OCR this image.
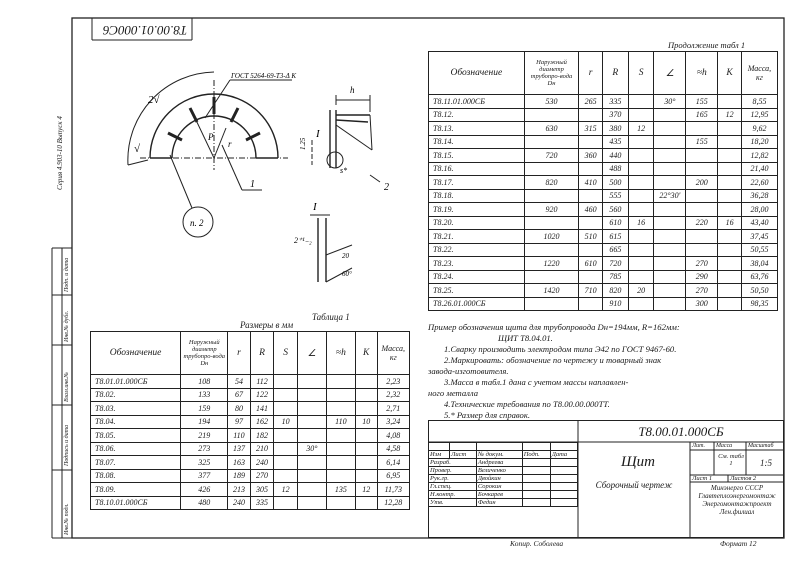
T8.00.01.000C6
Серия 4.903-10 Выпуск 4
Инв.№ подл.
Подпись и дата
Взам.инв.№
Инв.№ дубл.
Подп. и дата
2√
√
P
r
ГОСТ 5264-69-Т3-Δ К
1
п. 2
h
1.25
I
s*
2
I
2⁺¹₋₂
20
60°
Таблица 1
Размеры в мм
Обозначение	Наружный диаметр трубопро-вода Dн	r	R	S	∠	≈h	K	Масса, кг
Т8.01.01.000СБ	108	54	112					2,23
Т8.02.	133	67	122					2,32
Т8.03.	159	80	141					2,71
Т8.04.	194	97	162	10		110	10	3,24
Т8.05.	219	110	182					4,08
Т8.06.	273	137	210		30°			4,58
Т8.07.	325	163	240					6,14
Т8.08.	377	189	270					6,95
Т8.09.	426	213	305	12		135	12	11,73
Т8.10.01.000СБ	480	240	335					12,28
Продолжение табл 1
Обозначение	Наружный диаметр трубопро-вода Dн	r	R	S	∠	≈h	K	Масса, кг
Т8.11.01.000СБ	530	265	335		30°	155		8,55
Т8.12.			370			165	12	12,95
Т8.13.	630	315	380	12				9,62
Т8.14.			435			155		18,20
Т8.15.	720	360	440					12,82
Т8.16.			488					21,40
Т8.17.	820	410	500			200		22,60
Т8.18.			555		22°30'			36,28
Т8.19.	920	460	560					28,00
Т8.20.			610	16		220	16	43,40
Т8.21.	1020	510	615					37,45
Т8.22.			665					50,55
Т8.23.	1220	610	720			270		38,04
Т8.24.			785			290		63,76
Т8.25.	1420	710	820	20		270		50,50
Т8.26.01.000СБ			910			300		98,35
Пример обозначения щита для трубопровода Dн=194мм, R=162мм:
ЩИТ Т8.04.01.
1.Сварку производить электродом типа Э42 по ГОСТ 9467-60.
2.Маркировать: обозначение по чертежу и товарный знак
завода-изготовителя.
3.Масса в табл.1 дана с учетом массы наплавлен-
ного металла
4.Технические требования по Т8.00.00.000ТТ.
5.* Размер для справок.
Т8.00.01.000СБ
Щит
Сборочный чертеж
Лит. Масса	Масштаб
См. табл 1	1:5
Лист 1	Листов 2
Минэнерго СССР
Главтеплоэнергомонтаж
Энергомонтажпроект
Лен.филиал

Изм	Лист	№ докум.	Подп.	Дата
Разраб.		Андреева		
Провер.		Величенко		
Рук.гр.		Двойкин		
Гл.спец.		Сорокин		
Н.контр.		Бочкарев		
Утв.		Федин		
Копир. Соболева	Формат 12
